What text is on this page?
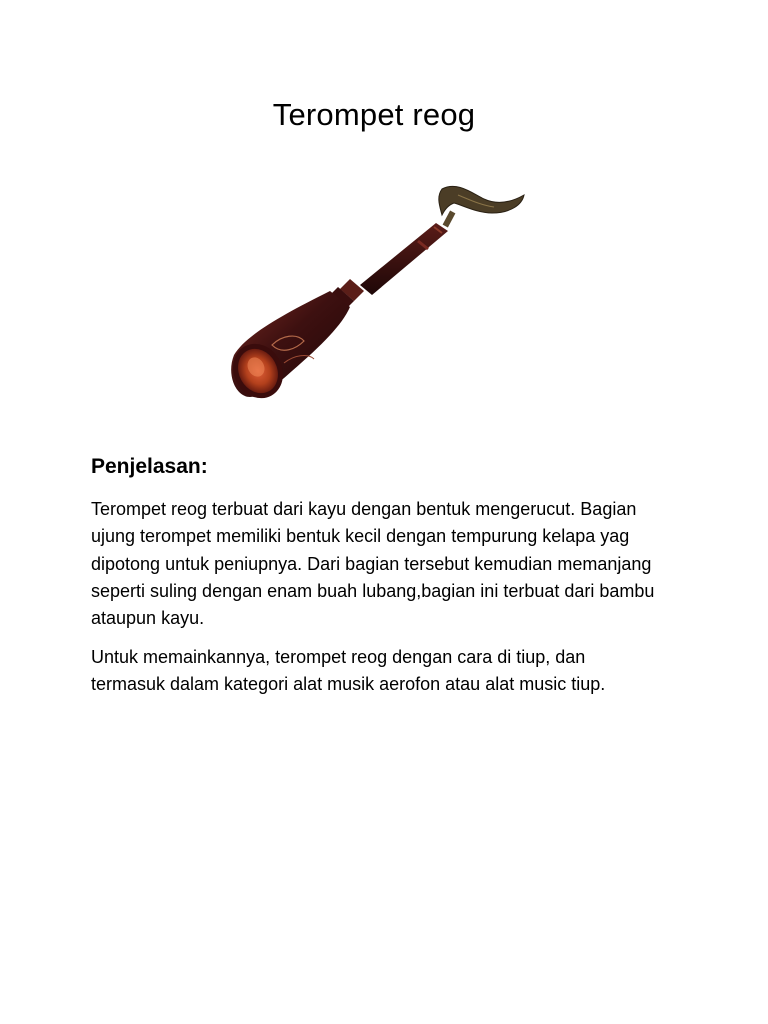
Terompet reog
Penjelasan:

Terompet reog terbuat dari kayu dengan bentuk mengerucut. Bagian
ujung terompet memiliki bentuk kecil dengan tempurung kelapa yag
dipotong untuk peniupnya. Dari bagian tersebut kemudian memanjang
seperti suling dengan enam buah lubang,bagian ini terbuat dari bambu
ataupun kayu.

Untuk memainkannya, terompet reog dengan cara di tiup, dan
termasuk dalam kategori alat musik aerofon atau alat music tiup.
